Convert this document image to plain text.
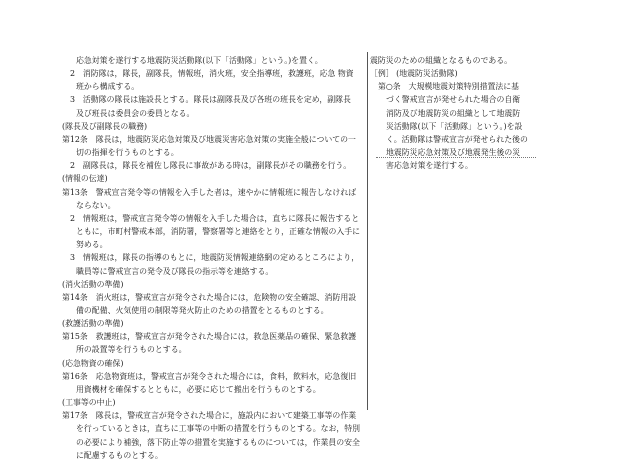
応急対策を遂行する地震防災活動隊(以下「活動隊」という。)を置く。

2　消防隊は，隊長，副隊長，情報班，消火班，安全指導班，救護班，応急 物資

班から構成する。

3　活動隊の隊長は施設長とする。隊長は副隊長及び各班の班長を定め，副隊長

及び班長は委員会の委員となる。

(隊長及び副隊長の職務)

第12条　隊長は，地震防災応急対策及び地震災害応急対策の実施全般についての一

切の指揮を行うものとする。

2　副隊長は，隊長を補佐し隊長に事故がある時は，副隊長がその職務を行う。

(情報の伝達)

第13条　警戒宣言発令等の情報を入手した者は，速やかに情報班に報告しなければ

ならない。

2　情報班は，警戒宣言発令等の情報を入手した場合は，直ちに隊長に報告すると

ともに，市町村警戒本部，消防署，警察署等と連絡をとり，正確な情報の入手に

努める。

3　情報班は，隊長の指導のもとに，地震防災情報連絡網の定めるところにより，

職員等に警戒宣言の発令及び隊長の指示等を連絡する。

(消火活動の準備)

第14条　消火班は，警戒宣言が発令された場合には，危険物の安全確認、消防用設

備の配備、火気使用の制限等発火防止のための措置をとるものとする。

(救護活動の準備)

第15条　救護班は，警戒宣言が発令された場合には，救急医薬品の確保、緊急救護

所の設置等を行うものとする。

(応急物資の確保)

第16条　応急物資班は，警戒宣言が発令された場合には，食料，飲料水，応急復旧

用資機材を確保するとともに，必要に応じて搬出を行うものとする。

(工事等の中止)

第17条　隊長は，警戒宣言が発令された場合に，施設内において建築工事等の作業

を行っているときは，直ちに工事等の中断の措置を行うものとする。なお，特別

の必要により補強，落下防止等の措置を実施するものについては，作業員の安全

に配慮するものとする。

震防災のための組織となるものである。

［例］ (地震防災活動隊)

第○条　大規模地震対策特別措置法に基

づく警戒宣言が発せられた場合の自衛

消防及び地震防災の組織として地震防

災活動隊(以下「活動隊」という。)を設

く。活動隊は警戒宣言が発せられた後の

地震防災応急対策及び地震発生後の災

害応急対策を遂行する。
